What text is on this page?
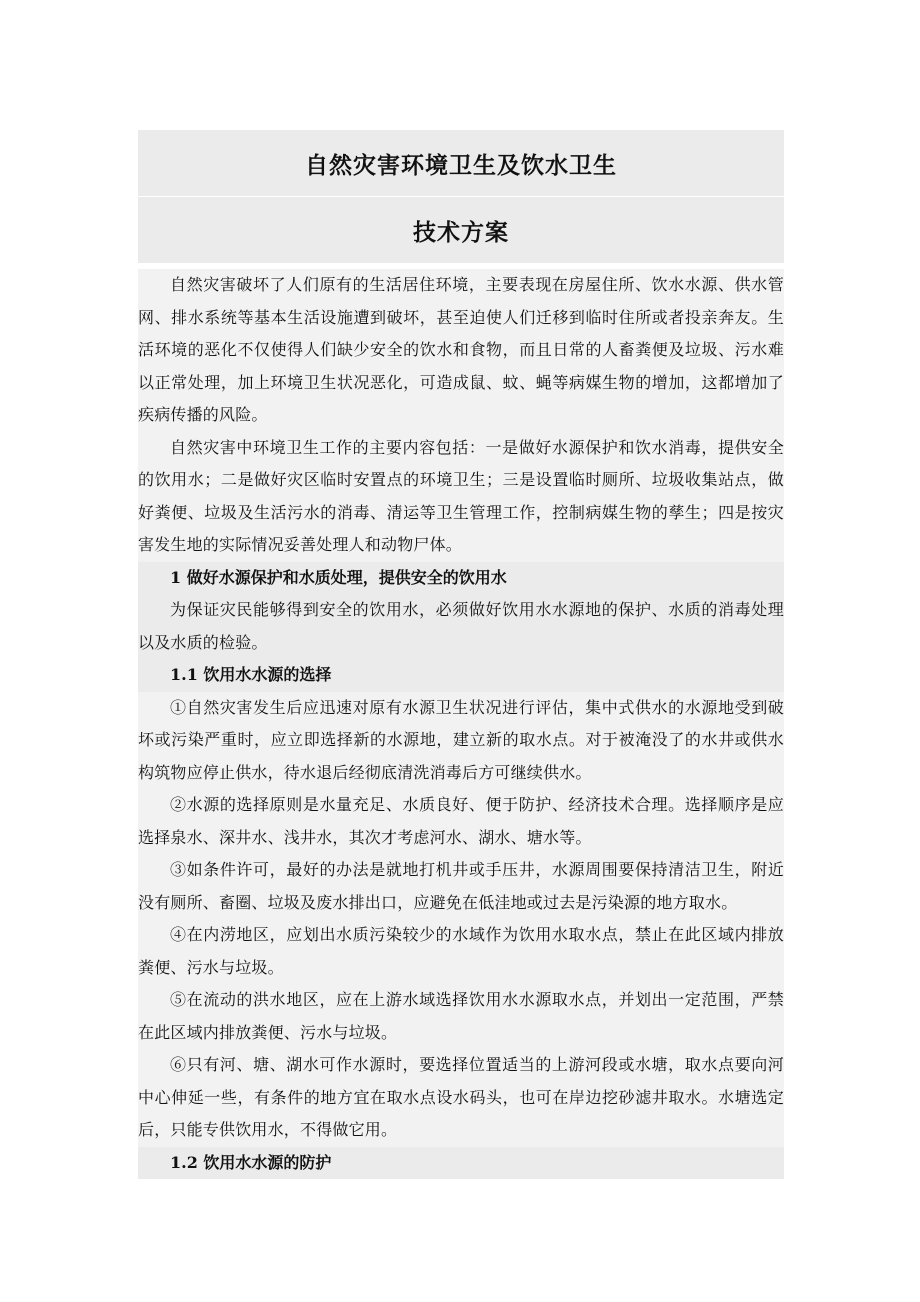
自然灾害环境卫生及饮水卫生
技术方案

自然灾害破坏了人们原有的生活居住环境，主要表现在房屋住所、饮水水源、供水管网、排水系统等基本生活设施遭到破坏，甚至迫使人们迁移到临时住所或者投亲奔友。生活环境的恶化不仅使得人们缺少安全的饮水和食物，而且日常的人畜粪便及垃圾、污水难以正常处理，加上环境卫生状况恶化，可造成鼠、蚊、蝇等病媒生物的增加，这都增加了疾病传播的风险。

自然灾害中环境卫生工作的主要内容包括：一是做好水源保护和饮水消毒，提供安全的饮用水；二是做好灾区临时安置点的环境卫生；三是设置临时厕所、垃圾收集站点，做好粪便、垃圾及生活污水的消毒、清运等卫生管理工作，控制病媒生物的孳生；四是按灾害发生地的实际情况妥善处理人和动物尸体。

1 做好水源保护和水质处理，提供安全的饮用水

为保证灾民能够得到安全的饮用水，必须做好饮用水水源地的保护、水质的消毒处理以及水质的检验。

1.1 饮用水水源的选择

①自然灾害发生后应迅速对原有水源卫生状况进行评估，集中式供水的水源地受到破坏或污染严重时，应立即选择新的水源地，建立新的取水点。对于被淹没了的水井或供水构筑物应停止供水，待水退后经彻底清洗消毒后方可继续供水。

②水源的选择原则是水量充足、水质良好、便于防护、经济技术合理。选择顺序是应选择泉水、深井水、浅井水，其次才考虑河水、湖水、塘水等。

③如条件许可，最好的办法是就地打机井或手压井，水源周围要保持清洁卫生，附近没有厕所、畜圈、垃圾及废水排出口，应避免在低洼地或过去是污染源的地方取水。

④在内涝地区，应划出水质污染较少的水域作为饮用水取水点，禁止在此区域内排放粪便、污水与垃圾。

⑤在流动的洪水地区，应在上游水域选择饮用水水源取水点，并划出一定范围，严禁在此区域内排放粪便、污水与垃圾。

⑥只有河、塘、湖水可作水源时，要选择位置适当的上游河段或水塘，取水点要向河中心伸延一些，有条件的地方宜在取水点设水码头，也可在岸边挖砂滤井取水。水塘选定后，只能专供饮用水，不得做它用。

1.2 饮用水水源的防护
